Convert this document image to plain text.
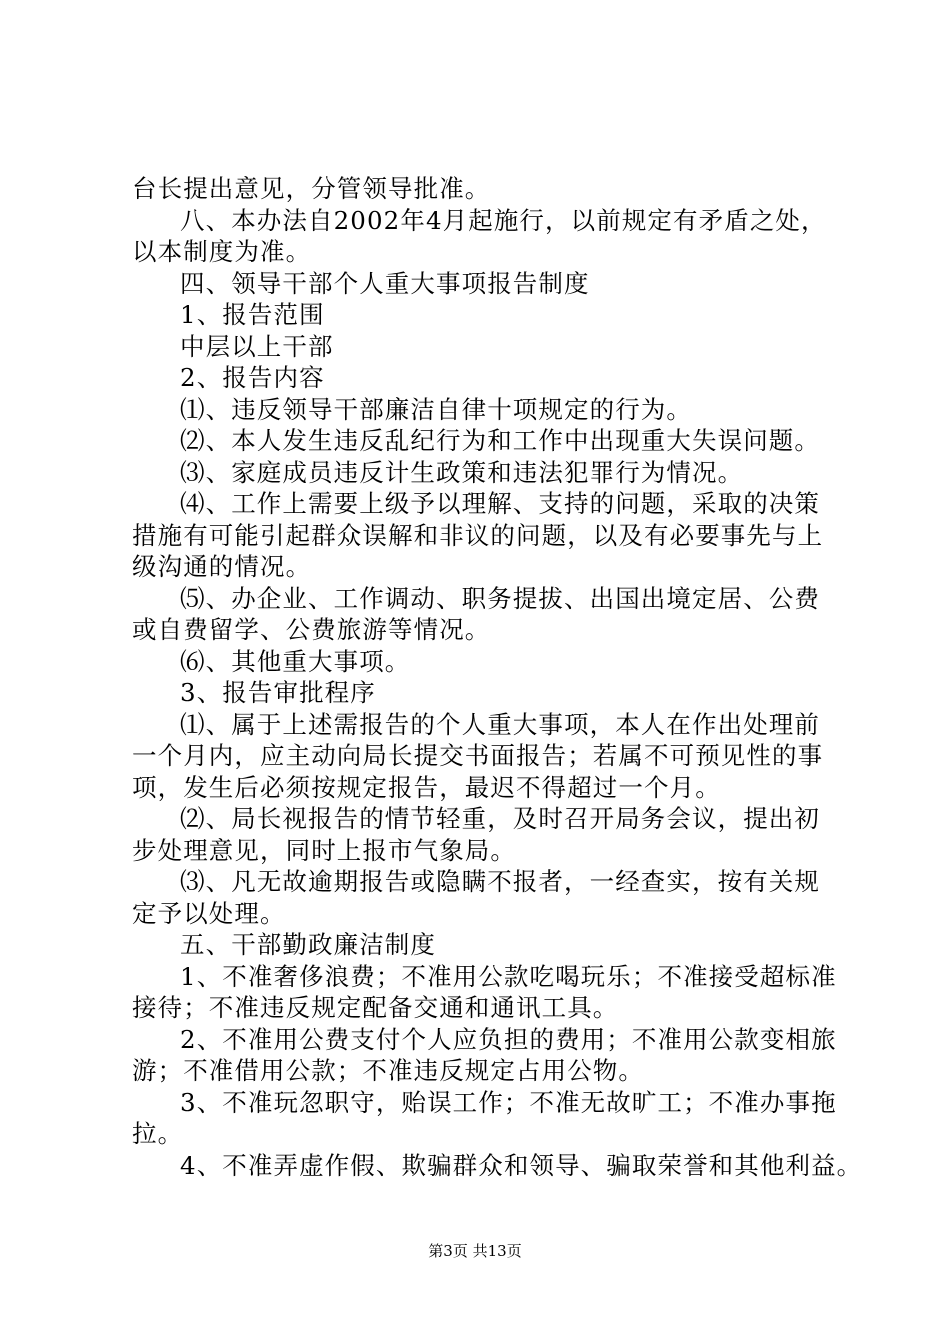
台长提出意见，分管领导批准。
八、本办法自2002年4月起施行，以前规定有矛盾之处，
以本制度为准。
四、领导干部个人重大事项报告制度
1、报告范围
中层以上干部
2、报告内容
⑴、违反领导干部廉洁自律十项规定的行为。
⑵、本人发生违反乱纪行为和工作中出现重大失误问题。
⑶、家庭成员违反计生政策和违法犯罪行为情况。
⑷、工作上需要上级予以理解、支持的问题，采取的决策
措施有可能引起群众误解和非议的问题，以及有必要事先与上
级沟通的情况。
⑸、办企业、工作调动、职务提拔、出国出境定居、公费
或自费留学、公费旅游等情况。
⑹、其他重大事项。
3、报告审批程序
⑴、属于上述需报告的个人重大事项，本人在作出处理前
一个月内，应主动向局长提交书面报告；若属不可预见性的事
项，发生后必须按规定报告，最迟不得超过一个月。
⑵、局长视报告的情节轻重，及时召开局务会议，提出初
步处理意见，同时上报市气象局。
⑶、凡无故逾期报告或隐瞒不报者，一经查实，按有关规
定予以处理。
五、干部勤政廉洁制度
1、不准奢侈浪费；不准用公款吃喝玩乐；不准接受超标准
接待；不准违反规定配备交通和通讯工具。
2、不准用公费支付个人应负担的费用；不准用公款变相旅
游；不准借用公款；不准违反规定占用公物。
3、不准玩忽职守，贻误工作；不准无故旷工；不准办事拖
拉。
4、不准弄虚作假、欺骗群众和领导、骗取荣誉和其他利益。
第3页 共13页
